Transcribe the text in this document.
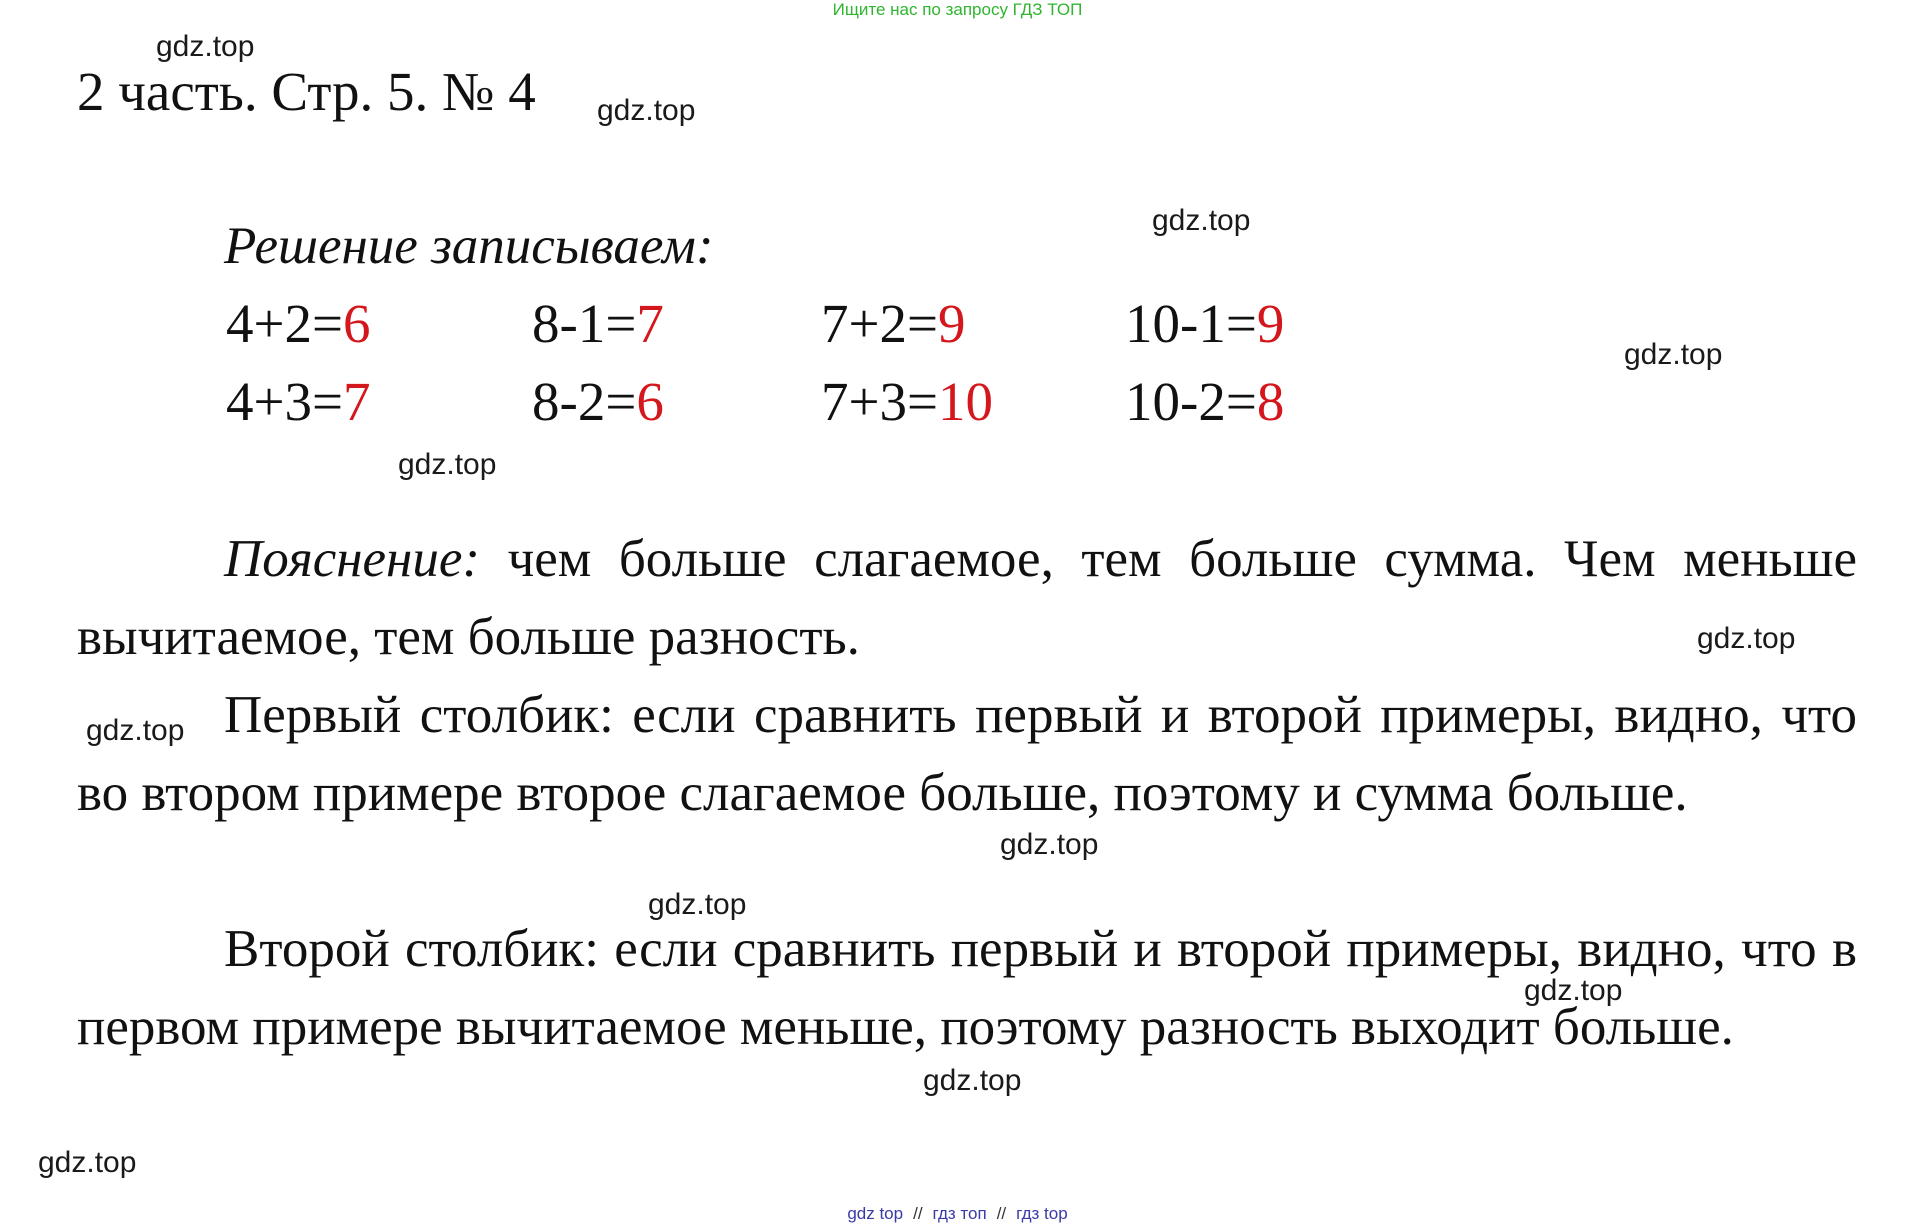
Ищите нас по запросу ГДЗ ТОП
2 часть. Стр. 5. № 4
Решение записываем:
4+2=6
4+3=7
8-1=7
8-2=6
7+2=9
7+3=10
10-1=9
10-2=8
Пояснение: чем больше слагаемое, тем больше сумма. Чем меньше вычитаемое, тем больше разность.
Первый столбик: если сравнить первый и второй примеры, видно, что во втором примере второе слагаемое больше, поэтому и сумма больше.
Второй столбик: если сравнить первый и второй примеры, видно, что в первом примере вычитаемое меньше, поэтому разность выходит больше.
gdz.top
gdz.top
gdz.top
gdz.top
gdz.top
gdz.top
gdz.top
gdz.top
gdz.top
gdz.top
gdz.top
gdz.top
gdz top // гдз топ // гдз top
